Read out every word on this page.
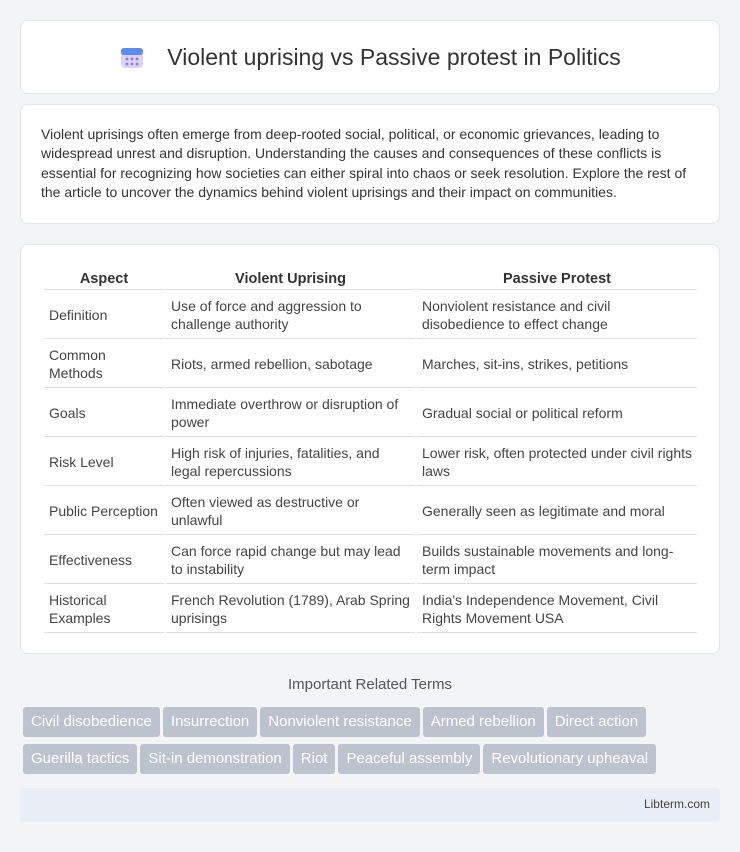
Violent uprising vs Passive protest in Politics

Violent uprisings often emerge from deep-rooted social, political, or economic grievances, leading to widespread unrest and disruption. Understanding the causes and consequences of these conflicts is essential for recognizing how societies can either spiral into chaos or seek resolution. Explore the rest of the article to uncover the dynamics behind violent uprisings and their impact on communities.

Aspect	Violent Uprising	Passive Protest
Definition	Use of force and aggression to challenge authority	Nonviolent resistance and civil disobedience to effect change
Common Methods	Riots, armed rebellion, sabotage	Marches, sit-ins, strikes, petitions
Goals	Immediate overthrow or disruption of power	Gradual social or political reform
Risk Level	High risk of injuries, fatalities, and legal repercussions	Lower risk, often protected under civil rights laws
Public Perception	Often viewed as destructive or unlawful	Generally seen as legitimate and moral
Effectiveness	Can force rapid change but may lead to instability	Builds sustainable movements and long-term impact
Historical Examples	French Revolution (1789), Arab Spring uprisings	India's Independence Movement, Civil Rights Movement USA
Important Related Terms
Civil disobedience Insurrection Nonviolent resistance Armed rebellion Direct action
Guerilla tactics Sit-in demonstration Riot Peaceful assembly Revolutionary upheaval
Libterm.com
